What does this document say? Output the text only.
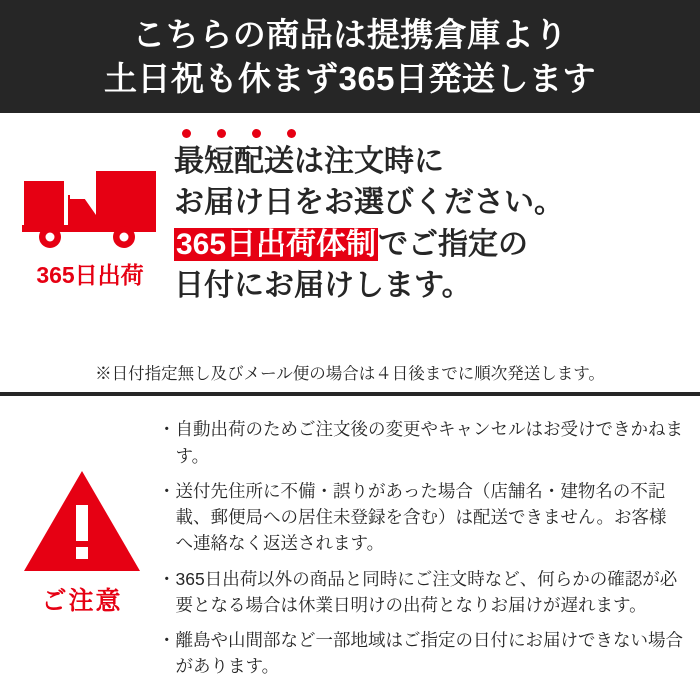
こちらの商品は提携倉庫より
土日祝も休まず365日発送します
365日出荷
最短配送は注文時に
お届け日をお選びください。
365日出荷体制でご指定の
日付にお届けします。
※日付指定無し及びメール便の場合は４日後までに順次発送します。
ご注意
・ 自動出荷のためご注文後の変更やキャンセルはお受けできかねます。
・ 送付先住所に不備・誤りがあった場合（店舗名・建物名の不記載、郵便局への居住未登録を含む）は配送できません。お客様へ連絡なく返送されます。
・ 365日出荷以外の商品と同時にご注文時など、何らかの確認が必要となる場合は休業日明けの出荷となりお届けが遅れます。
・ 離島や山間部など一部地域はご指定の日付にお届けできない場合があります。
